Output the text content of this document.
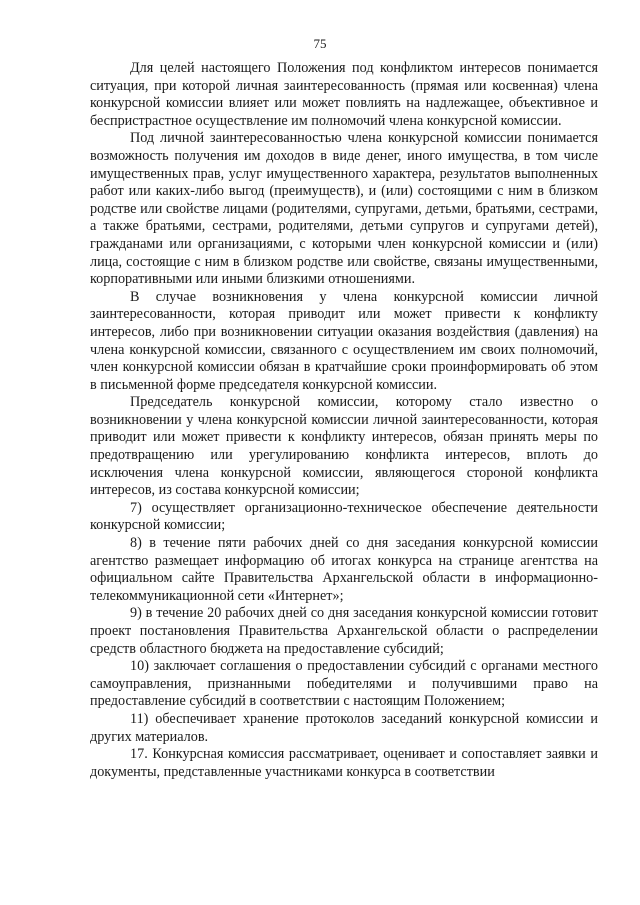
75

Для целей настоящего Положения под конфликтом интересов понимается ситуация, при которой личная заинтересованность (прямая или косвенная) члена конкурсной комиссии влияет или может повлиять на надлежащее, объективное и беспристрастное осуществление им полномочий члена конкурсной комиссии.

Под личной заинтересованностью члена конкурсной комиссии понимается возможность получения им доходов в виде денег, иного имущества, в том числе имущественных прав, услуг имущественного характера, результатов выполненных работ или каких-либо выгод (преимуществ), и (или) состоящими с ним в близком родстве или свойстве лицами (родителями, супругами, детьми, братьями, сестрами, а также братьями, сестрами, родителями, детьми супругов и супругами детей), гражданами или организациями, с которыми член конкурсной комиссии и (или) лица, состоящие с ним в близком родстве или свойстве, связаны имущественными, корпоративными или иными близкими отношениями.

В случае возникновения у члена конкурсной комиссии личной заинтересованности, которая приводит или может привести к конфликту интересов, либо при возникновении ситуации оказания воздействия (давления) на члена конкурсной комиссии, связанного с осуществлением им своих полномочий, член конкурсной комиссии обязан в кратчайшие сроки проинформировать об этом в письменной форме председателя конкурсной комиссии.

Председатель конкурсной комиссии, которому стало известно о возникновении у члена конкурсной комиссии личной заинтересованности, которая приводит или может привести к конфликту интересов, обязан принять меры по предотвращению или урегулированию конфликта интересов, вплоть до исключения члена конкурсной комиссии, являющегося стороной конфликта интересов, из состава конкурсной комиссии;

7) осуществляет организационно-техническое обеспечение деятельности конкурсной комиссии;

8) в течение пяти рабочих дней со дня заседания конкурсной комиссии агентство размещает информацию об итогах конкурса на странице агентства на официальном сайте Правительства Архангельской области в информационно-телекоммуникационной сети «Интернет»;

9) в течение 20 рабочих дней со дня заседания конкурсной комиссии готовит проект постановления Правительства Архангельской области о распределении средств областного бюджета на предоставление субсидий;

10) заключает соглашения о предоставлении субсидий с органами местного самоуправления, признанными победителями и получившими право на предоставление субсидий в соответствии с настоящим Положением;

11) обеспечивает хранение протоколов заседаний конкурсной комиссии и других материалов.

17. Конкурсная комиссия рассматривает, оценивает и сопоставляет заявки и документы, представленные участниками конкурса в соответствии
